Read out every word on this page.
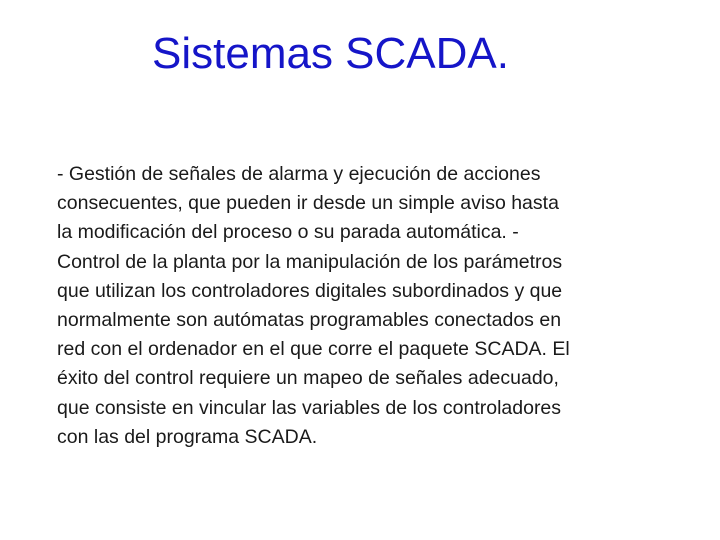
Sistemas SCADA.
- Gestión de señales de alarma y ejecución de acciones
consecuentes, que pueden ir desde un simple aviso hasta
la modificación del proceso o su parada automática. -
Control de la planta por la manipulación de los parámetros
que utilizan los controladores digitales subordinados y que
normalmente son autómatas programables conectados en
red con el ordenador en el que corre el paquete SCADA. El
éxito del control requiere un mapeo de señales adecuado,
que consiste en vincular las variables de los controladores
con las del programa SCADA.
